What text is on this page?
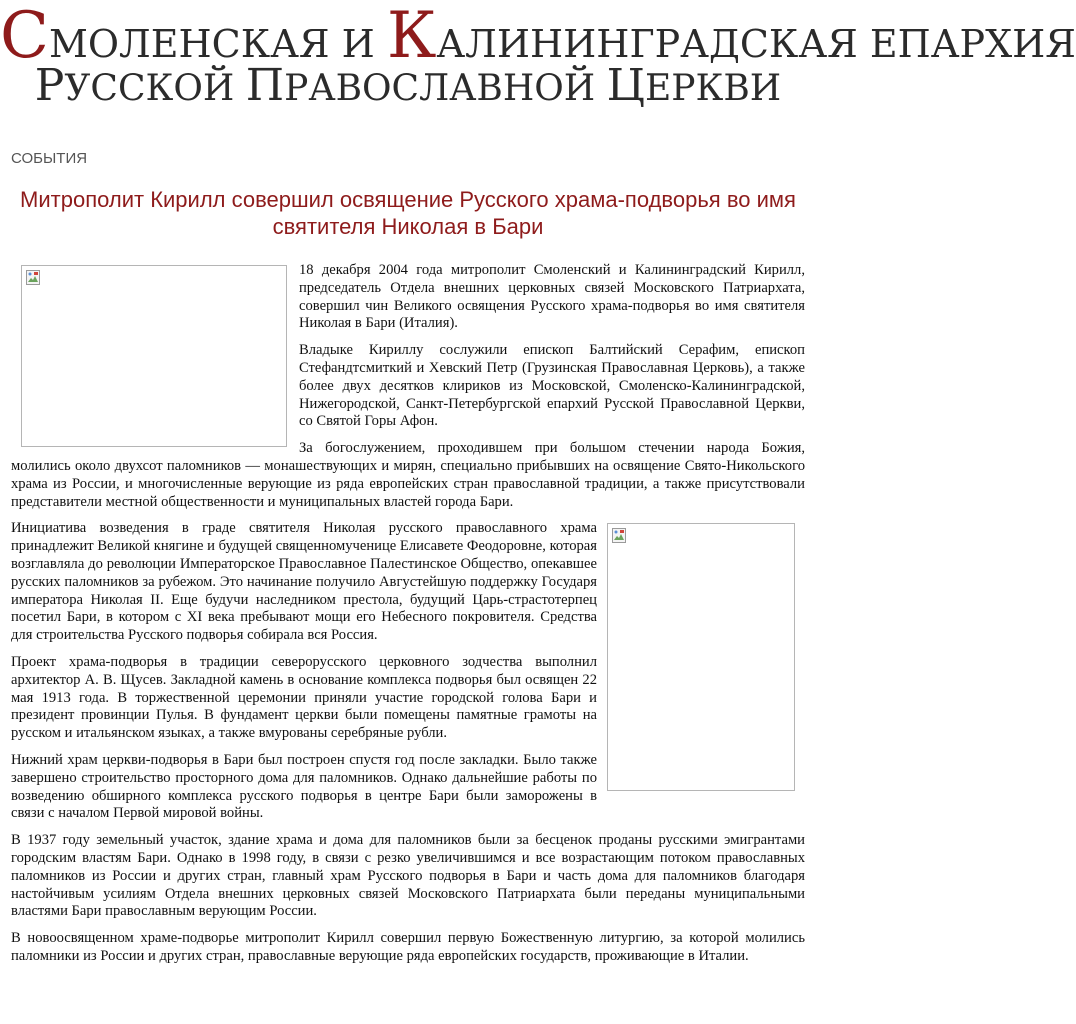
СМОЛЕНСКАЯ И КАЛИНИНГРАДСКАЯ ЕПАРХИЯ
РУССКОЙ ПРАВОСЛАВНОЙ ЦЕРКВИ
СОБЫТИЯ
Митрополит Кирилл совершил освящение Русского храма-подворья во имя святителя Николая в Бари

18 декабря 2004 года митрополит Смоленский и Калининградский Кирилл, председатель Отдела внешних церковных связей Московского Патриархата, совершил чин Великого освящения Русского храма-подворья во имя святителя Николая в Бари (Италия).

Владыке Кириллу сослужили епископ Балтийский Серафим, епископ Стефандтсмиткий и Хевский Петр (Грузинская Православная Церковь), а также более двух десятков клириков из Московской, Смоленско-Калининградской, Нижегородской, Санкт-Петербургской епархий Русской Православной Церкви, со Святой Горы Афон.

За богослужением, проходившем при большом стечении народа Божия, молились около двухсот паломников — монашествующих и мирян, специально прибывших на освящение Свято-Никольского храма из России, и многочисленные верующие из ряда европейских стран православной традиции, а также присутствовали представители местной общественности и муниципальных властей города Бари.

Инициатива возведения в граде святителя Николая русского православного храма принадлежит Великой княгине и будущей священномученице Елисавете Феодоровне, которая возглавляла до революции Императорское Православное Палестинское Общество, опекавшее русских паломников за рубежом. Это начинание получило Августейшую поддержку Государя императора Николая II. Еще будучи наследником престола, будущий Царь-страстотерпец посетил Бари, в котором с XI века пребывают мощи его Небесного покровителя. Средства для строительства Русского подворья собирала вся Россия.

Проект храма-подворья в традиции северорусского церковного зодчества выполнил архитектор А. В. Щусев. Закладной камень в основание комплекса подворья был освящен 22 мая 1913 года. В торжественной церемонии приняли участие городской голова Бари и президент провинции Пулья. В фундамент церкви были помещены памятные грамоты на русском и итальянском языках, а также вмурованы серебряные рубли.

Нижний храм церкви-подворья в Бари был построен спустя год после закладки. Было также завершено строительство просторного дома для паломников. Однако дальнейшие работы по возведению обширного комплекса русского подворья в центре Бари были заморожены в связи с началом Первой мировой войны.

В 1937 году земельный участок, здание храма и дома для паломников были за бесценок проданы русскими эмигрантами городским властям Бари. Однако в 1998 году, в связи с резко увеличившимся и все возрастающим потоком православных паломников из России и других стран, главный храм Русского подворья в Бари и часть дома для паломников благодаря настойчивым усилиям Отдела внешних церковных связей Московского Патриархата были переданы муниципальными властями Бари православным верующим России.

В новоосвященном храме-подворье митрополит Кирилл совершил первую Божественную литургию, за которой молились паломники из России и других стран, православные верующие ряда европейских государств, проживающие в Италии.
